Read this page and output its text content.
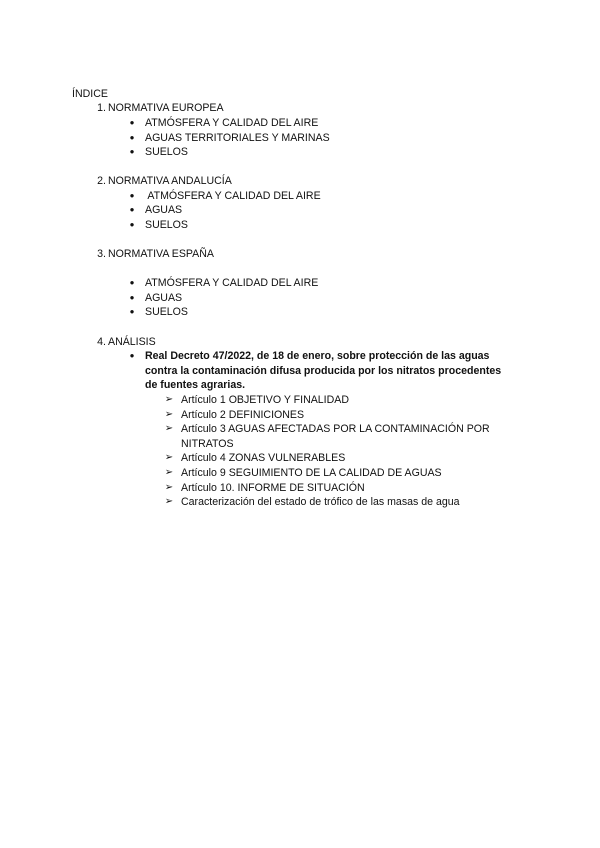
ÍNDICE
1. NORMATIVA EUROPEA
● ATMÓSFERA Y CALIDAD DEL AIRE
● AGUAS TERRITORIALES Y MARINAS
● SUELOS
2. NORMATIVA ANDALUCÍA
● ATMÓSFERA Y CALIDAD DEL AIRE
● AGUAS
● SUELOS
3. NORMATIVA ESPAÑA
● ATMÓSFERA Y CALIDAD DEL AIRE
● AGUAS
● SUELOS
4. ANÁLISIS
● Real Decreto 47/2022, de 18 de enero, sobre protección de las aguas
contra la contaminación difusa producida por los nitratos procedentes
de fuentes agrarias.
➢ Artículo 1 OBJETIVO Y FINALIDAD
➢ Artículo 2 DEFINICIONES
➢ Artículo 3 AGUAS AFECTADAS POR LA CONTAMINACIÓN POR
NITRATOS
➢ Artículo 4 ZONAS VULNERABLES
➢ Artículo 9 SEGUIMIENTO DE LA CALIDAD DE AGUAS
➢ Artículo 10. INFORME DE SITUACIÓN
➢ Caracterización del estado de trófico de las masas de agua
